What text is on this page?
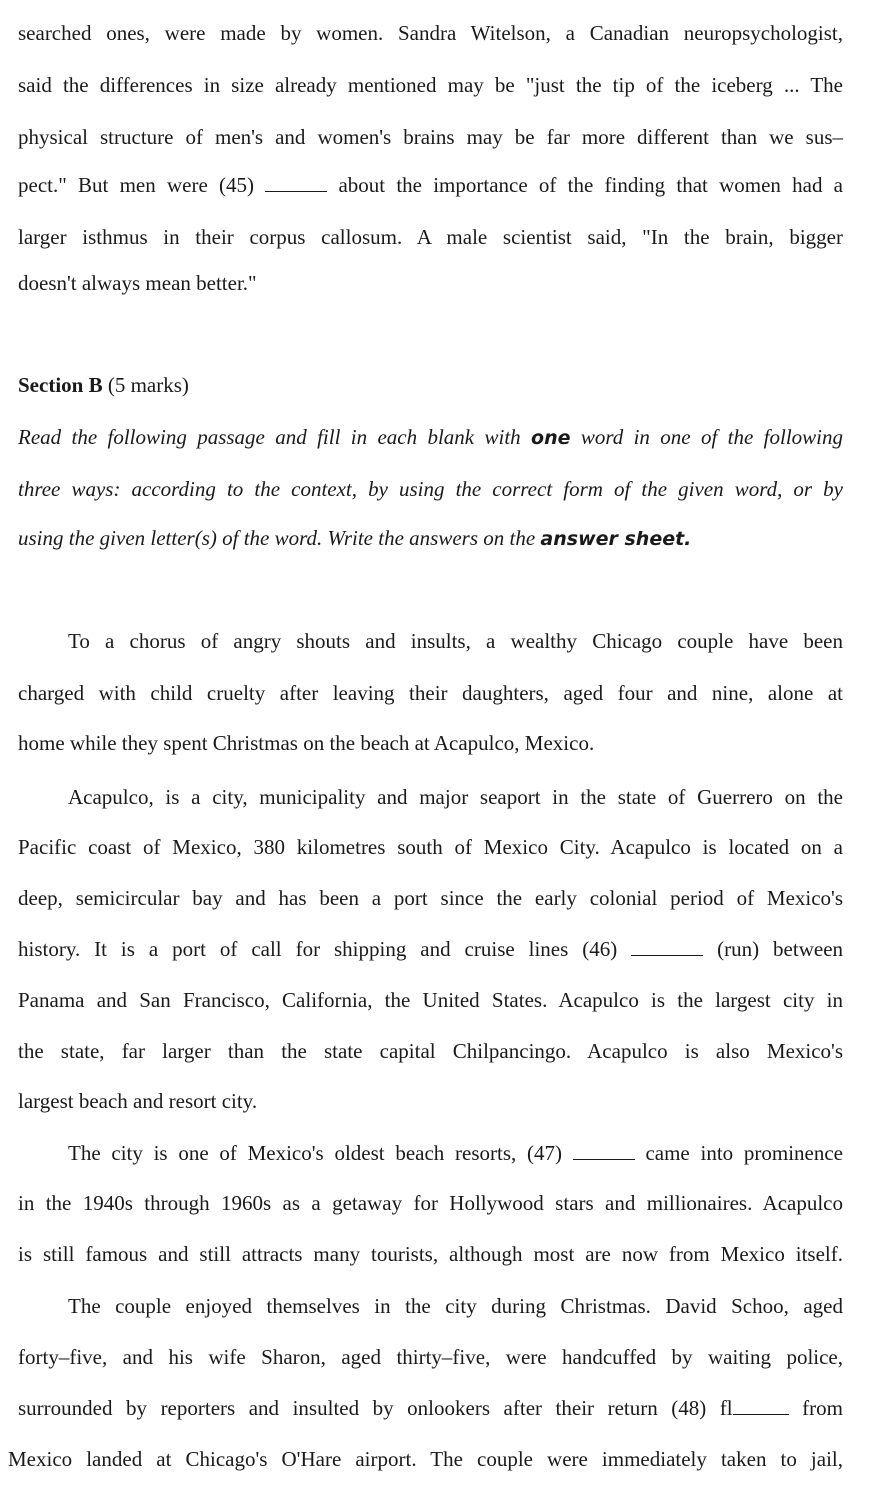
searched ones, were made by women. Sandra Witelson, a Canadian neuropsychologist,
said the differences in size already mentioned may be "just the tip of the iceberg ... The
physical structure of men's and women's brains may be far more different than we sus–
pect." But men were (45)	about the importance of the finding that women had a
larger isthmus in their corpus callosum. A male scientist said, "In the brain, bigger
doesn't always mean better."
Section B (5 marks)
Read the following passage and fill in each blank with one word in one of the following
three ways: according to the context, by using the correct form of the given word, or by
using the given letter(s) of the word. Write the answers on the answer sheet.
To a chorus of angry shouts and insults, a wealthy Chicago couple have been
charged with child cruelty after leaving their daughters, aged four and nine, alone at
home while they spent Christmas on the beach at Acapulco, Mexico.
Acapulco, is a city, municipality and major seaport in the state of Guerrero on the
Pacific coast of Mexico, 380 kilometres south of Mexico City. Acapulco is located on a
deep, semicircular bay and has been a port since the early colonial period of Mexico's
history. It is a port of call for shipping and cruise lines (46)	(run) between
Panama and San Francisco, California, the United States. Acapulco is the largest city in
the state, far larger than the state capital Chilpancingo. Acapulco is also Mexico's
largest beach and resort city.
The city is one of Mexico's oldest beach resorts, (47)	came into prominence
in the 1940s through 1960s as a getaway for Hollywood stars and millionaires. Acapulco
is still famous and still attracts many tourists, although most are now from Mexico itself.
The couple enjoyed themselves in the city during Christmas. David Schoo, aged
forty–five, and his wife Sharon, aged thirty–five, were handcuffed by waiting police,
surrounded by reporters and insulted by onlookers after their return (48) fl	from
Mexico landed at Chicago's O'Hare airport. The couple were immediately taken to jail,
